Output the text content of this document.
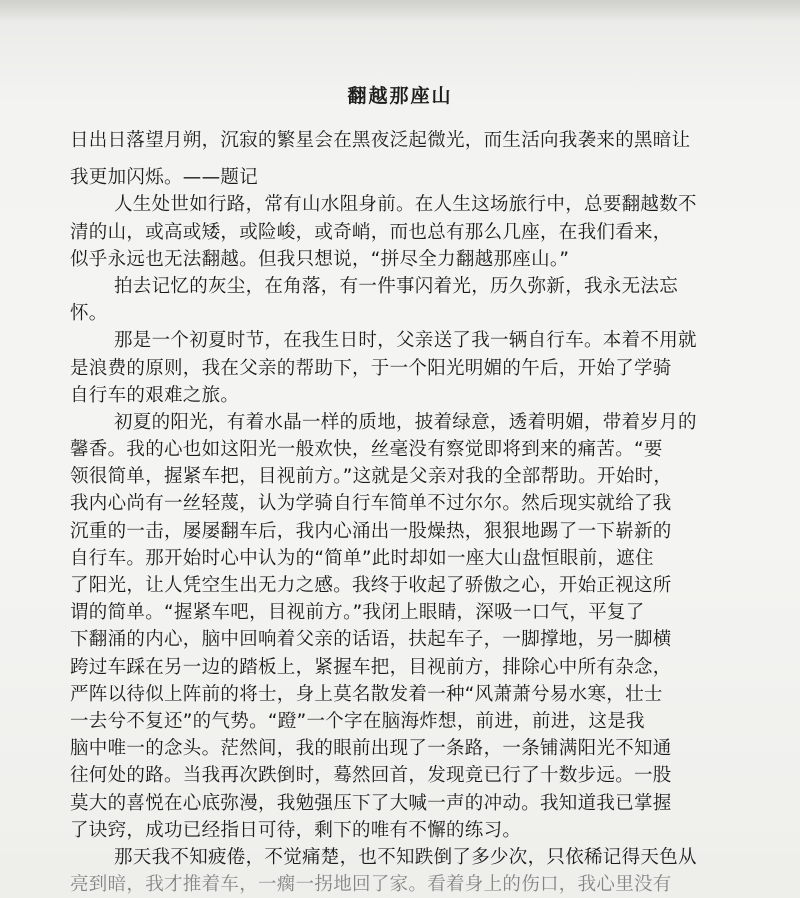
翻越那座山
日出日落望月朔，沉寂的繁星会在黑夜泛起微光，而生活向我袭来的黑暗让
我更加闪烁。——题记
人生处世如行路，常有山水阻身前。在人生这场旅行中，总要翻越数不
清的山，或高或矮，或险峻，或奇峭，而也总有那么几座，在我们看来，
似乎永远也无法翻越。但我只想说，“拼尽全力翻越那座山。”
拍去记忆的灰尘，在角落，有一件事闪着光，历久弥新，我永无法忘
怀。
那是一个初夏时节，在我生日时，父亲送了我一辆自行车。本着不用就
是浪费的原则，我在父亲的帮助下，于一个阳光明媚的午后，开始了学骑
自行车的艰难之旅。
初夏的阳光，有着水晶一样的质地，披着绿意，透着明媚，带着岁月的
馨香。我的心也如这阳光一般欢快，丝毫没有察觉即将到来的痛苦。“要
领很简单，握紧车把，目视前方。”这就是父亲对我的全部帮助。开始时，
我内心尚有一丝轻蔑，认为学骑自行车简单不过尔尔。然后现实就给了我
沉重的一击，屡屡翻车后，我内心涌出一股燥热，狠狠地踢了一下崭新的
自行车。那开始时心中认为的“简单”此时却如一座大山盘恒眼前，遮住
了阳光，让人凭空生出无力之感。我终于收起了骄傲之心，开始正视这所
谓的简单。“握紧车吧，目视前方。”我闭上眼睛，深吸一口气，平复了
下翻涌的内心，脑中回响着父亲的话语，扶起车子，一脚撑地，另一脚横
跨过车踩在另一边的踏板上，紧握车把，目视前方，排除心中所有杂念，
严阵以待似上阵前的将士，身上莫名散发着一种“风萧萧兮易水寒，壮士
一去兮不复还”的气势。“蹬”一个字在脑海炸想，前进，前进，这是我
脑中唯一的念头。茫然间，我的眼前出现了一条路，一条铺满阳光不知通
往何处的路。当我再次跌倒时，蓦然回首，发现竟已行了十数步远。一股
莫大的喜悦在心底弥漫，我勉强压下了大喊一声的冲动。我知道我已掌握
了诀窍，成功已经指日可待，剩下的唯有不懈的练习。
那天我不知疲倦，不觉痛楚，也不知跌倒了多少次，只依稀记得天色从
亮到暗，我才推着车，一瘸一拐地回了家。看着身上的伤口，我心里没有
